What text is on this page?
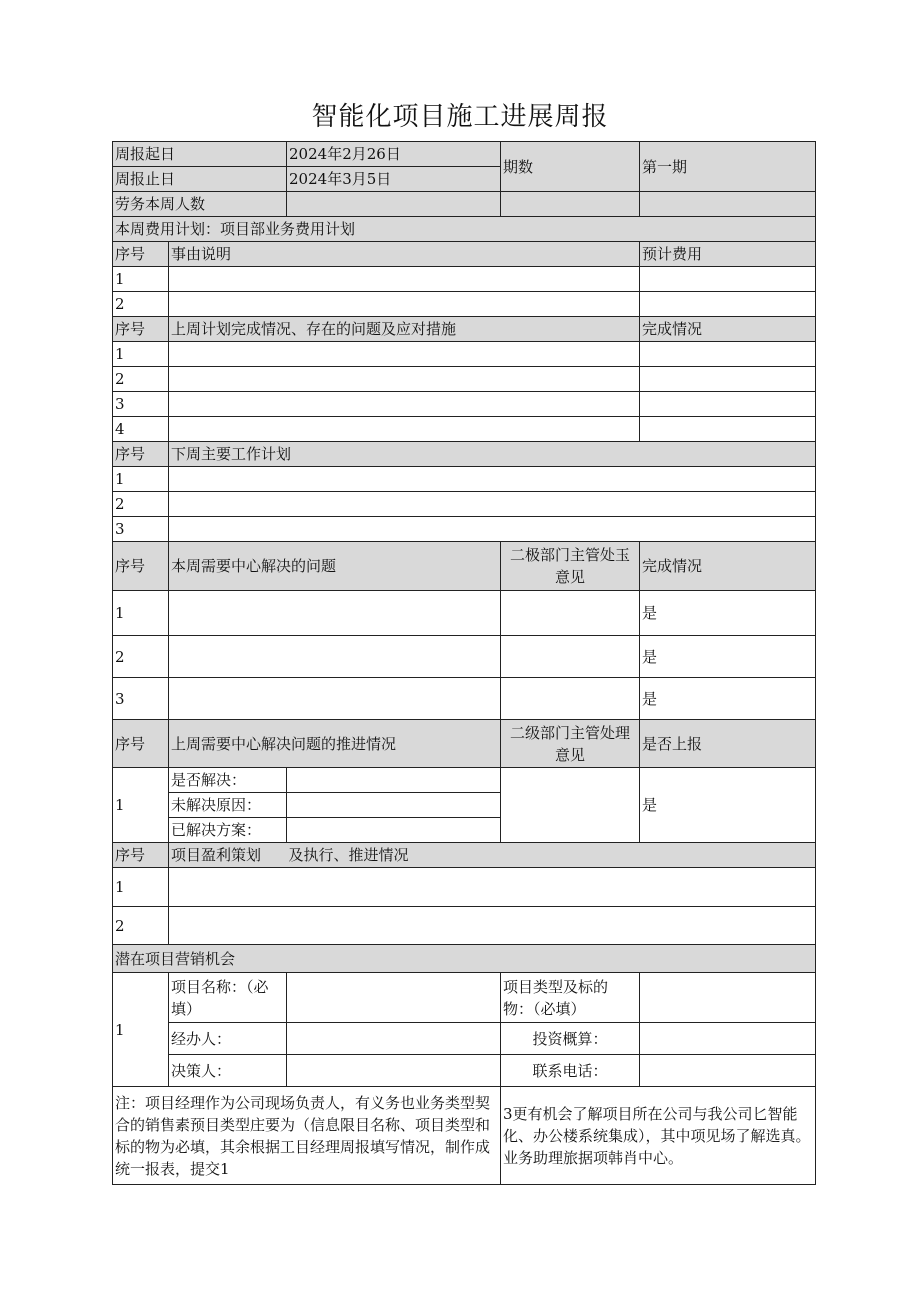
智能化项目施工进展周报
周报起日		2024年2月26日	期数	第一期
周报止日		2024年3月5日		
劳务本周人数				
本周费用计划：项目部业务费用计划				
序号	事由说明			预计费用
1				
2				
序号	上周计划完成情况、存在的问题及应对措施			完成情况
1				
2				
3				
4				
序号	下周主要工作计划			
1				
2				
3				
序号	本周需要中心解决的问题		二极部门主管处玉意见	完成情况
1				是
2				是
3				是
序号	上周需要中心解决问题的推进情况		二级部门主管处理意见	是否上报
1	是否解决：			是
	未解决原因：			
	已解决方案：			
序号	项目盈利策划	及执行、推进情况		
1				
2				
潜在项目营销机会				
1	项目名称：（必填）		项目类型及标的物：（必填）	
	经办人：		投资概算：	
	决策人：		联系电话：	
注：项目经理作为公司现场负责人，有义务也业务类型契合的销售素预目类型庄要为（信息限目名称、项目类型和标的物为必填，其余根据工目经理周报填写情况，制作成统一报表，提交1			3更有机会了解项目所在公司与我公司匕智能化、办公楼系统集成），其中项见场了解选真。业务助理旅据项韩肖中心。	
